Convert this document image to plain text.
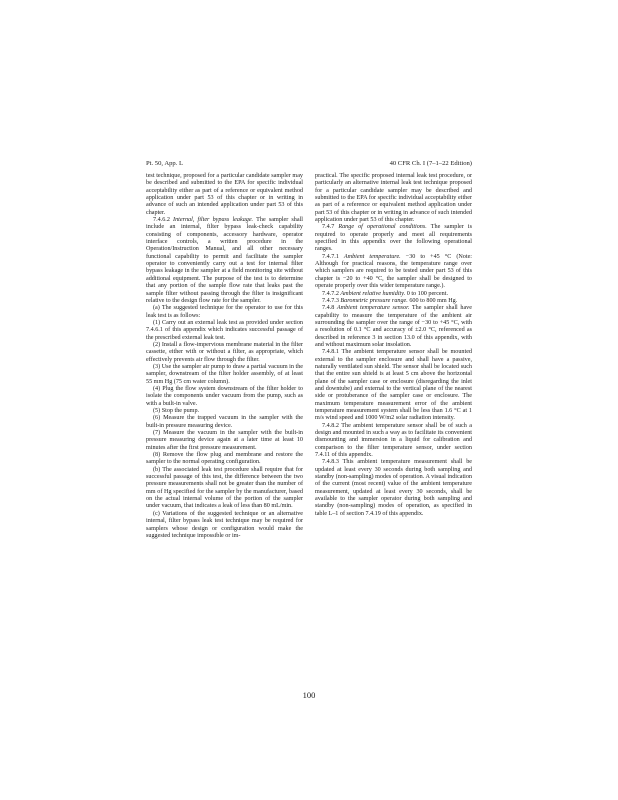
Pt. 50, App. L	40 CFR Ch. I (7–1–22 Edition)

test technique, proposed for a particular candidate sampler may be described and submitted to the EPA for specific individual acceptability either as part of a reference or equivalent method application under part 53 of this chapter or in writing in advance of such an intended application under part 53 of this chapter.

7.4.6.2 Internal, filter bypass leakage. The sampler shall include an internal, filter bypass leak-check capability consisting of components, accessory hardware, operator interface controls, a written procedure in the Operation/Instruction Manual, and all other necessary functional capability to permit and facilitate the sampler operator to conveniently carry out a test for internal filter bypass leakage in the sampler at a field monitoring site without additional equipment. The purpose of the test is to determine that any portion of the sample flow rate that leaks past the sample filter without passing through the filter is insignificant relative to the design flow rate for the sampler.

(a) The suggested technique for the operator to use for this leak test is as follows:

(1) Carry out an external leak test as provided under section 7.4.6.1 of this appendix which indicates successful passage of the prescribed external leak test.

(2) Install a flow-impervious membrane material in the filter cassette, either with or without a filter, as appropriate, which effectively prevents air flow through the filter.

(3) Use the sampler air pump to draw a partial vacuum in the sampler, downstream of the filter holder assembly, of at least 55 mm Hg (75 cm water column).

(4) Plug the flow system downstream of the filter holder to isolate the components under vacuum from the pump, such as with a built-in valve.

(5) Stop the pump.

(6) Measure the trapped vacuum in the sampler with the built-in pressure measuring device.

(7) Measure the vacuum in the sampler with the built-in pressure measuring device again at a later time at least 10 minutes after the first pressure measurement.

(8) Remove the flow plug and membrane and restore the sampler to the normal operating configuration.

(b) The associated leak test procedure shall require that for successful passage of this test, the difference between the two pressure measurements shall not be greater than the number of mm of Hg specified for the sampler by the manufacturer, based on the actual internal volume of the portion of the sampler under vacuum, that indicates a leak of less than 80 mL/min.

(c) Variations of the suggested technique or an alternative internal, filter bypass leak test technique may be required for samplers whose design or configuration would make the suggested technique impossible or im-

practical. The specific proposed internal leak test procedure, or particularly an alternative internal leak test technique proposed for a particular candidate sampler may be described and submitted to the EPA for specific individual acceptability either as part of a reference or equivalent method application under part 53 of this chapter or in writing in advance of such intended application under part 53 of this chapter.

7.4.7 Range of operational conditions. The sampler is required to operate properly and meet all requirements specified in this appendix over the following operational ranges.

7.4.7.1 Ambient temperature. −30 to +45 °C (Note: Although for practical reasons, the temperature range over which samplers are required to be tested under part 53 of this chapter is −20 to +40 °C, the sampler shall be designed to operate properly over this wider temperature range.).

7.4.7.2 Ambient relative humidity. 0 to 100 percent.

7.4.7.3 Barometric pressure range. 600 to 800 mm Hg.

7.4.8 Ambient temperature sensor. The sampler shall have capability to measure the temperature of the ambient air surrounding the sampler over the range of −30 to +45 °C, with a resolution of 0.1 °C and accuracy of ±2.0 °C, referenced as described in reference 3 in section 13.0 of this appendix, with and without maximum solar insolation.

7.4.8.1 The ambient temperature sensor shall be mounted external to the sampler enclosure and shall have a passive, naturally ventilated sun shield. The sensor shall be located such that the entire sun shield is at least 5 cm above the horizontal plane of the sampler case or enclosure (disregarding the inlet and downtube) and external to the vertical plane of the nearest side or protuberance of the sampler case or enclosure. The maximum temperature measurement error of the ambient temperature measurement system shall be less than 1.6 °C at 1 m/s wind speed and 1000 W/m2 solar radiation intensity.

7.4.8.2 The ambient temperature sensor shall be of such a design and mounted in such a way as to facilitate its convenient dismounting and immersion in a liquid for calibration and comparison to the filter temperature sensor, under section 7.4.11 of this appendix.

7.4.8.3 This ambient temperature measurement shall be updated at least every 30 seconds during both sampling and standby (non-sampling) modes of operation. A visual indication of the current (most recent) value of the ambient temperature measurement, updated at least every 30 seconds, shall be available to the sampler operator during both sampling and standby (non-sampling) modes of operation, as specified in table L–1 of section 7.4.19 of this appendix.

100
